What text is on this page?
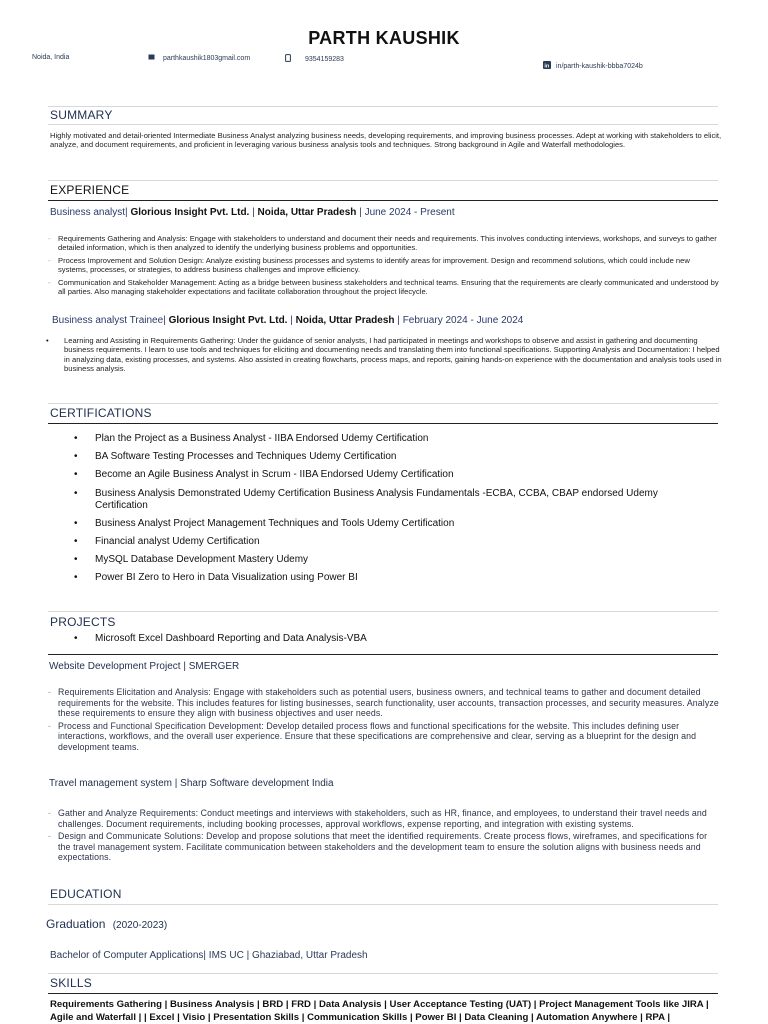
PARTH KAUSHIK
Noida, India	parthkaushik1803gmail.com	9354159283
in in/parth-kaushik-bbba7024b
SUMMARY
Highly motivated and detail-oriented Intermediate Business Analyst analyzing business needs, developing requirements, and improving business processes. Adept at working with stakeholders to elicit, analyze, and document requirements, and proficient in leveraging various business analysis tools and techniques. Strong background in Agile and Waterfall methodologies.
EXPERIENCE
Business analyst| Glorious Insight Pvt. Ltd. | Noida, Uttar Pradesh | June 2024 - Present
- Requirements Gathering and Analysis: Engage with stakeholders to understand and document their needs and requirements. This involves conducting interviews, workshops, and surveys to gather detailed information, which is then analyzed to identify the underlying business problems and opportunities.
- Process Improvement and Solution Design: Analyze existing business processes and systems to identify areas for improvement. Design and recommend solutions, which could include new systems, processes, or strategies, to address business challenges and improve efficiency.
- Communication and Stakeholder Management: Acting as a bridge between business stakeholders and technical teams. Ensuring that the requirements are clearly communicated and understood by all parties. Also managing stakeholder expectations and facilitate collaboration throughout the project lifecycle.
Business analyst Trainee| Glorious Insight Pvt. Ltd. | Noida, Uttar Pradesh | February 2024 - June 2024
• Learning and Assisting in Requirements Gathering: Under the guidance of senior analysts, I had participated in meetings and workshops to observe and assist in gathering and documenting business requirements. I learn to use tools and techniques for eliciting and documenting needs and translating them into functional specifications. Supporting Analysis and Documentation: I helped in analyzing data, existing processes, and systems. Also assisted in creating flowcharts, process maps, and reports, gaining hands-on experience with the documentation and analysis tools used in business analysis.
CERTIFICATIONS
• Plan the Project as a Business Analyst - IIBA Endorsed Udemy Certification
• BA Software Testing Processes and Techniques Udemy Certification
• Become an Agile Business Analyst in Scrum - IIBA Endorsed Udemy Certification
• Business Analysis Demonstrated Udemy Certification Business Analysis Fundamentals -ECBA, CCBA, CBAP endorsed Udemy Certification
• Business Analyst Project Management Techniques and Tools Udemy Certification
• Financial analyst Udemy Certification
• MySQL Database Development Mastery Udemy
• Power BI Zero to Hero in Data Visualization using Power BI
PROJECTS
• Microsoft Excel Dashboard Reporting and Data Analysis-VBA
Website Development Project | SMERGER
- Requirements Elicitation and Analysis: Engage with stakeholders such as potential users, business owners, and technical teams to gather and document detailed requirements for the website. This includes features for listing businesses, search functionality, user accounts, transaction processes, and security measures. Analyze these requirements to ensure they align with business objectives and user needs.
- Process and Functional Specification Development: Develop detailed process flows and functional specifications for the website. This includes defining user interactions, workflows, and the overall user experience. Ensure that these specifications are comprehensive and clear, serving as a blueprint for the design and development teams.
Travel management system | Sharp Software development India
- Gather and Analyze Requirements: Conduct meetings and interviews with stakeholders, such as HR, finance, and employees, to understand their travel needs and challenges. Document requirements, including booking processes, approval workflows, expense reporting, and integration with existing systems.
- Design and Communicate Solutions: Develop and propose solutions that meet the identified requirements. Create process flows, wireframes, and specifications for the travel management system. Facilitate communication between stakeholders and the development team to ensure the solution aligns with business needs and expectations.
EDUCATION
Graduation (2020-2023)
Bachelor of Computer Applications| IMS UC | Ghaziabad, Uttar Pradesh
SKILLS
Requirements Gathering | Business Analysis | BRD | FRD | Data Analysis | User Acceptance Testing (UAT) | Project Management Tools like JIRA | Agile and Waterfall | | Excel | Visio | Presentation Skills | Communication Skills | Power BI | Data Cleaning | Automation Anywhere | RPA |
